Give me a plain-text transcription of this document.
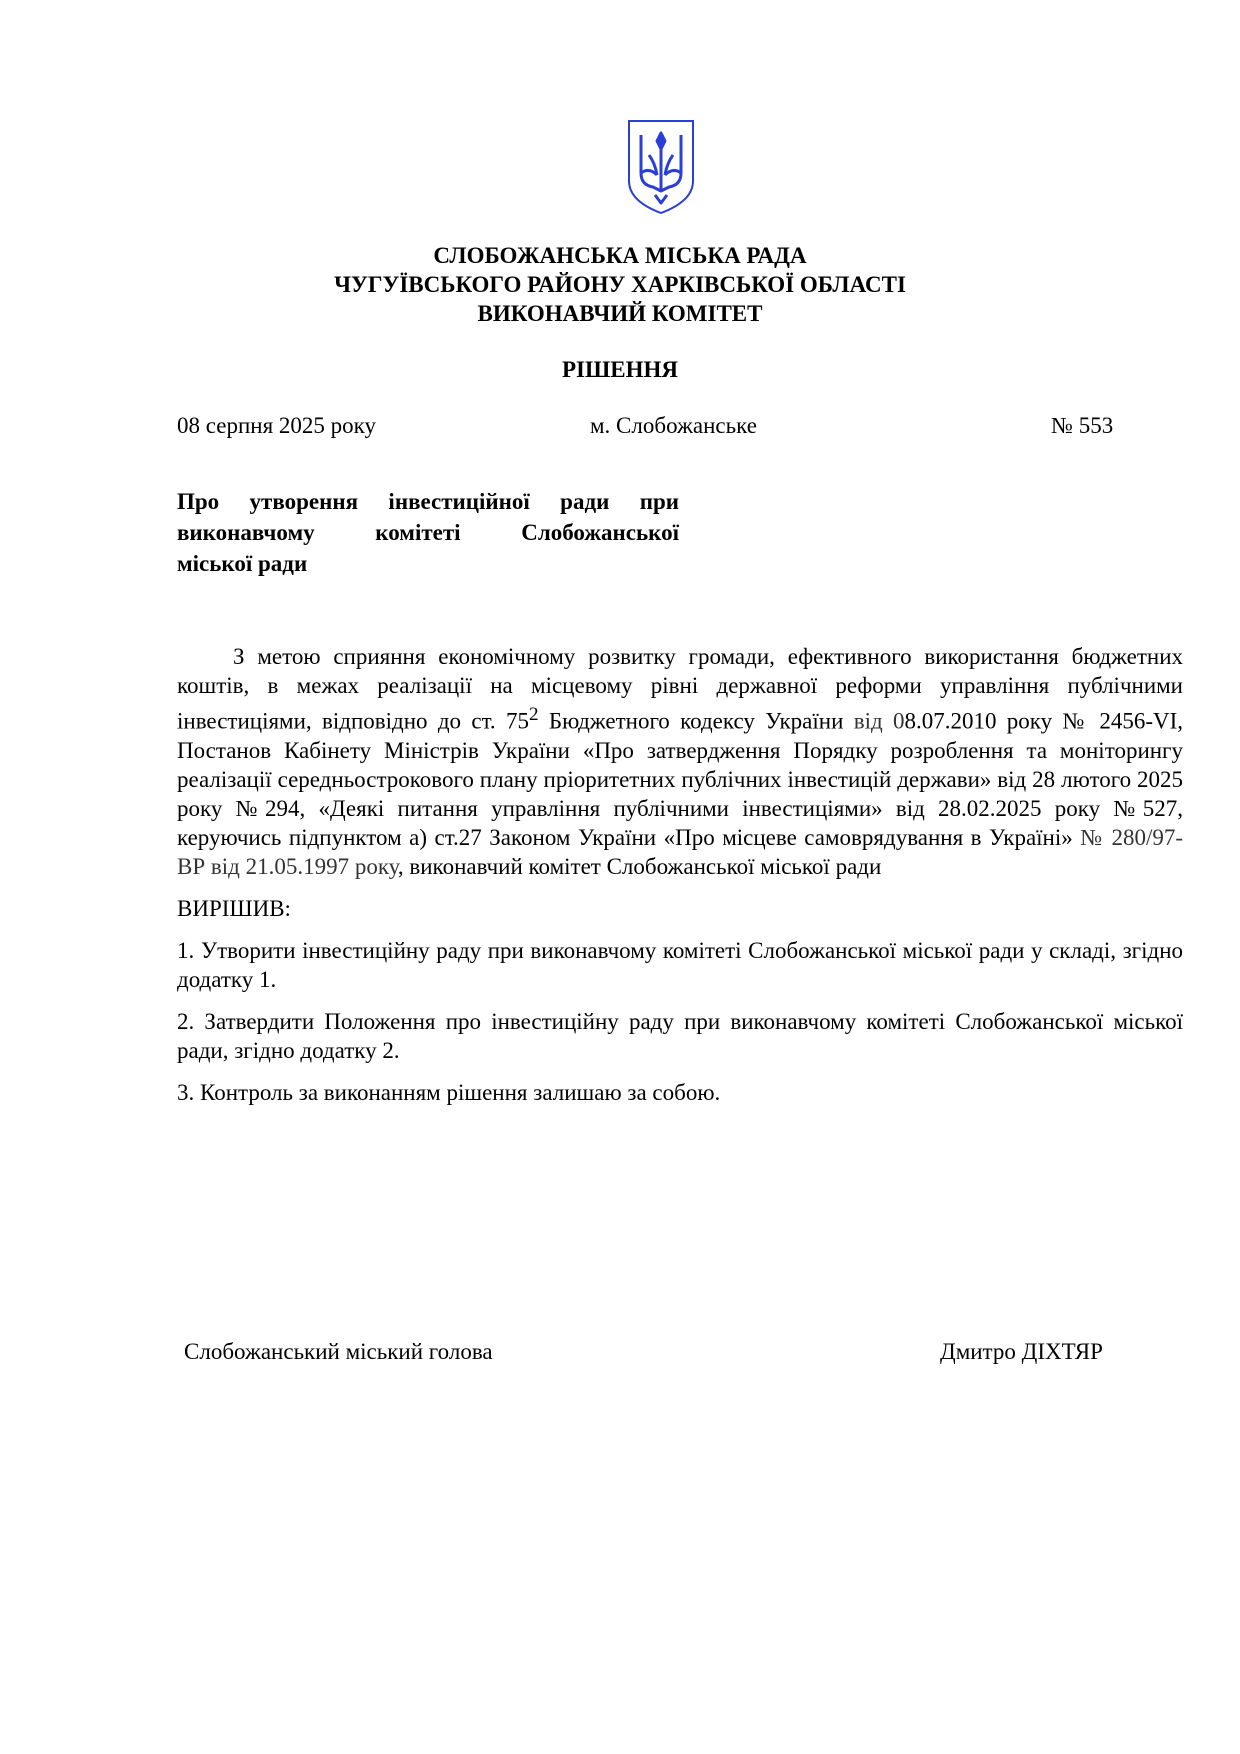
СЛОБОЖАНСЬКА МІСЬКА РАДА
ЧУГУЇВСЬКОГО РАЙОНУ ХАРКІВСЬКОЇ ОБЛАСТІ
ВИКОНАВЧИЙ КОМІТЕТ
РІШЕННЯ
08 серпня 2025 року	м. Слобожанське	№ 553
Про утворення інвестиційної ради при
виконавчому комітеті Слобожанської
міської ради

З метою сприяння економічному розвитку громади, ефективного використання бюджетних коштів, в межах реалізації на місцевому рівні державної реформи управління публічними інвестиціями, відповідно до ст. $75^2$ Бюджетного кодексу України від 08.07.2010 року № 2456-VI, Постанов Кабінету Міністрів України «Про затвердження Порядку розроблення та моніторингу реалізації середньострокового плану пріоритетних публічних інвестицій держави» від 28 лютого 2025 року №294, «Деякі питання управління публічними інвестиціями» від 28.02.2025 року №527, керуючись підпунктом а) ст.27 Законом України «Про місцеве самоврядування в Україні» № 280/97-ВР від 21.05.1997 року, виконавчий комітет Слобожанської міської ради

ВИРІШИВ:

1. Утворити інвестиційну раду при виконавчому комітеті Слобожанської міської ради у складі, згідно додатку 1.

2. Затвердити Положення про інвестиційну раду при виконавчому комітеті Слобожанської міської ради, згідно додатку 2.

3. Контроль за виконанням рішення залишаю за собою.

Слобожанський міський голова	Дмитро ДІХТЯР
